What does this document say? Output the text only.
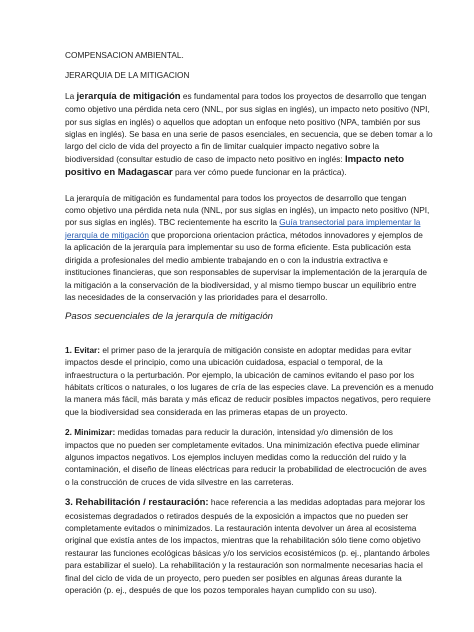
COMPENSACION AMBIENTAL.
JERARQUIA DE LA MITIGACION
La jerarquía de mitigación es fundamental para todos los proyectos de desarrollo que tengan
como objetivo una pérdida neta cero (NNL, por sus siglas en inglés), un impacto neto positivo (NPI,
por sus siglas en inglés) o aquellos que adoptan un enfoque neto positivo (NPA, también por sus
siglas en inglés). Se basa en una serie de pasos esenciales, en secuencia, que se deben tomar a lo
largo del ciclo de vida del proyecto a fin de limitar cualquier impacto negativo sobre la
biodiversidad (consultar estudio de caso de impacto neto positivo en inglés: Impacto neto
positivo en Madagascar para ver cómo puede funcionar en la práctica).
La jerarquía de mitigación es fundamental para todos los proyectos de desarrollo que tengan
como objetivo una pérdida neta nula (NNL, por sus siglas en inglés), un impacto neto positivo (NPI,
por sus siglas en inglés). TBC recientemente ha escrito la Guía transectorial para implementar la
jerarquía de mitigación que proporciona orientacion práctica, métodos innovadores y ejemplos de
la aplicación de la jerarquía para implementar su uso de forma eficiente. Esta publicación esta
dirigida a profesionales del medio ambiente trabajando en o con la industria extractiva e
instituciones financieras, que son responsables de supervisar la implementación de la jerarquía de
la mitigación a la conservación de la biodiversidad, y al mismo tiempo buscar un equilibrio entre
las necesidades de la conservación y las prioridades para el desarrollo.
Pasos secuenciales de la jerarquía de mitigación
1. Evitar: el primer paso de la jerarquía de mitigación consiste en adoptar medidas para evitar
impactos desde el principio, como una ubicación cuidadosa, espacial o temporal, de la
infraestructura o la perturbación. Por ejemplo, la ubicación de caminos evitando el paso por los
hábitats críticos o naturales, o los lugares de cría de las especies clave. La prevención es a menudo
la manera más fácil, más barata y más eficaz de reducir posibles impactos negativos, pero requiere
que la biodiversidad sea considerada en las primeras etapas de un proyecto.
2. Minimizar: medidas tomadas para reducir la duración, intensidad y/o dimensión de los
impactos que no pueden ser completamente evitados. Una minimización efectiva puede eliminar
algunos impactos negativos. Los ejemplos incluyen medidas como la reducción del ruido y la
contaminación, el diseño de líneas eléctricas para reducir la probabilidad de electrocución de aves
o la construcción de cruces de vida silvestre en las carreteras.
3. Rehabilitación / restauración: hace referencia a las medidas adoptadas para mejorar los
ecosistemas degradados o retirados después de la exposición a impactos que no pueden ser
completamente evitados o minimizados. La restauración intenta devolver un área al ecosistema
original que existía antes de los impactos, mientras que la rehabilitación sólo tiene como objetivo
restaurar las funciones ecológicas básicas y/o los servicios ecosistémicos (p. ej., plantando árboles
para estabilizar el suelo). La rehabilitación y la restauración son normalmente necesarias hacia el
final del ciclo de vida de un proyecto, pero pueden ser posibles en algunas áreas durante la
operación (p. ej., después de que los pozos temporales hayan cumplido con su uso).
